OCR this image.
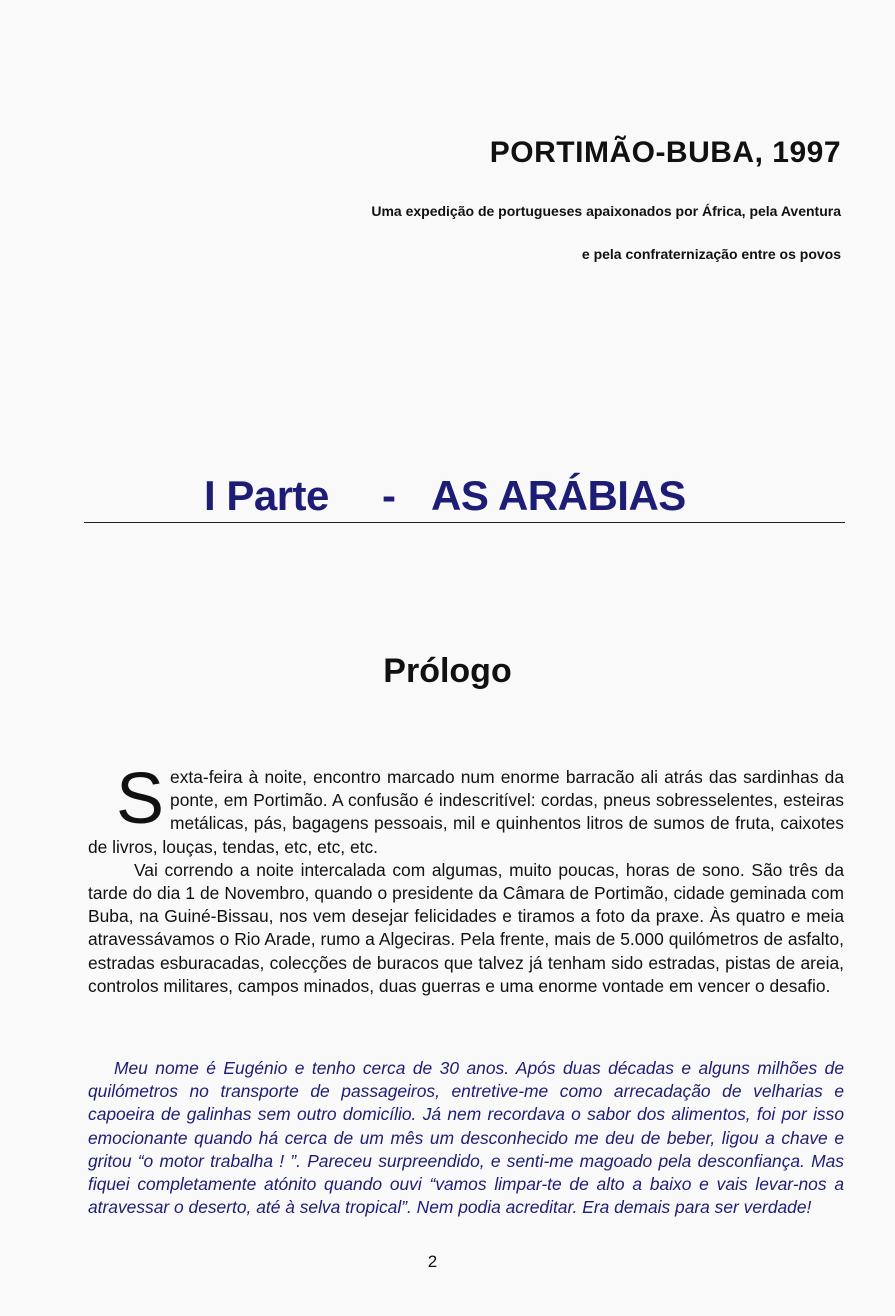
PORTIMÃO-BUBA, 1997

Uma expedição de portugueses apaixonados por África, pela Aventura

e pela confraternização entre os povos

I Parte

-

AS ARÁBIAS

Prólogo

Sexta-feira à noite, encontro marcado num enorme barracão ali atrás das sardinhas da ponte, em Portimão. A confusão é indescritível: cordas, pneus sobresselentes, esteiras metálicas, pás, bagagens pessoais, mil e quinhentos litros de sumos de fruta, caixotes de livros, louças, tendas, etc, etc, etc.

Vai correndo a noite intercalada com algumas, muito poucas, horas de sono. São três da tarde do dia 1 de Novembro, quando o presidente da Câmara de Portimão, cidade geminada com Buba, na Guiné-Bissau, nos vem desejar felicidades e tiramos a foto da praxe. Às quatro e meia atravessávamos o Rio Arade, rumo a Algeciras. Pela frente, mais de 5.000 quilómetros de asfalto, estradas esburacadas, colecções de buracos que talvez já tenham sido estradas, pistas de areia, controlos militares, campos minados, duas guerras e uma enorme vontade em vencer o desafio.

Meu nome é Eugénio e tenho cerca de 30 anos. Após duas décadas e alguns milhões de quilómetros no transporte de passageiros, entretive-me como arrecadação de velharias e capoeira de galinhas sem outro domicílio. Já nem recordava o sabor dos alimentos, foi por isso emocionante quando há cerca de um mês um desconhecido me deu de beber, ligou a chave e gritou “o motor trabalha ! ”. Pareceu surpreendido, e senti-me magoado pela desconfiança. Mas fiquei completamente atónito quando ouvi “vamos limpar-te de alto a baixo e vais levar-nos a atravessar o deserto, até à selva tropical”. Nem podia acreditar. Era demais para ser verdade!

2
